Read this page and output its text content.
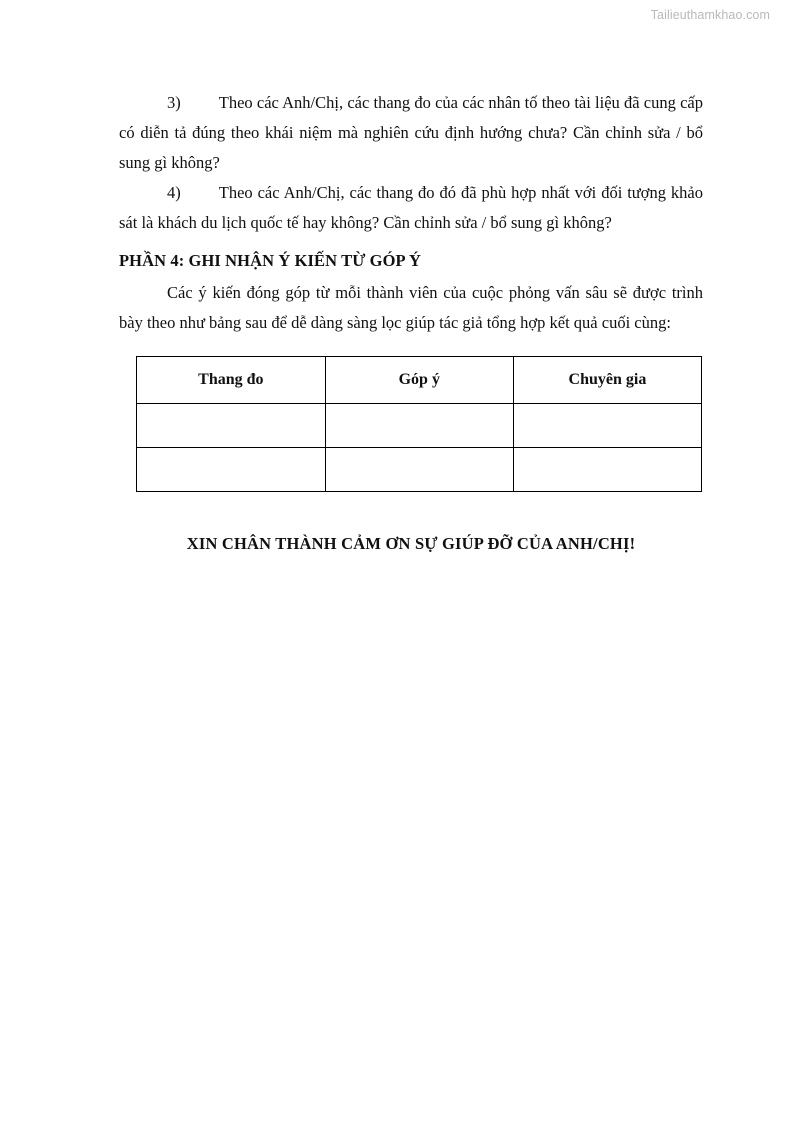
Tailieuthamkhao.com

3) Theo các Anh/Chị, các thang đo của các nhân tố theo tài liệu đã cung cấp có diễn tả đúng theo khái niệm mà nghiên cứu định hướng chưa? Cần chỉnh sửa / bổ sung gì không?

4) Theo các Anh/Chị, các thang đo đó đã phù hợp nhất với đối tượng khảo sát là khách du lịch quốc tế hay không? Cần chỉnh sửa / bổ sung gì không?

PHẦN 4: GHI NHẬN Ý KIẾN TỪ GÓP Ý

Các ý kiến đóng góp từ mỗi thành viên của cuộc phỏng vấn sâu sẽ được trình bày theo như bảng sau để dễ dàng sàng lọc giúp tác giả tổng hợp kết quả cuối cùng:

Thang đo	Góp ý	Chuyên gia

XIN CHÂN THÀNH CẢM ƠN SỰ GIÚP ĐỠ CỦA ANH/CHỊ!
